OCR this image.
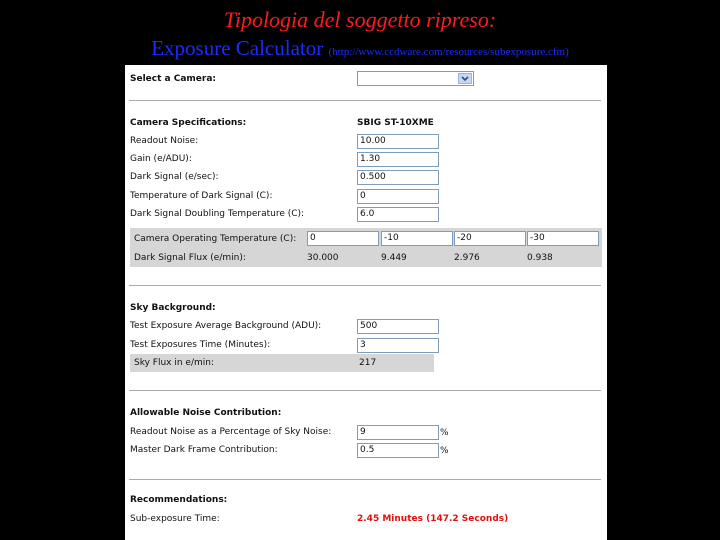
Tipologia del soggetto ripreso:
Exposure Calculator (http://www.ccdware.com/resources/subexposure.cfm)
Select a Camera:
Camera Specifications:	SBIG ST-10XME
Readout Noise:	10.00
Gain (e/ADU):	1.30
Dark Signal (e/sec):	0.500
Temperature of Dark Signal (C):	0
Dark Signal Doubling Temperature (C):	6.0
Camera Operating Temperature (C):	0	-10	-20	-30
Dark Signal Flux (e/min):	30.000	9.449	2.976	0.938
Sky Background:
Test Exposure Average Background (ADU):	500
Test Exposures Time (Minutes):	3
Sky Flux in e/min:	217
Allowable Noise Contribution:
Readout Noise as a Percentage of Sky Noise:	9	%
Master Dark Frame Contribution:	0.5	%
Recommendations:
Sub-exposure Time:	2.45 Minutes (147.2 Seconds)
